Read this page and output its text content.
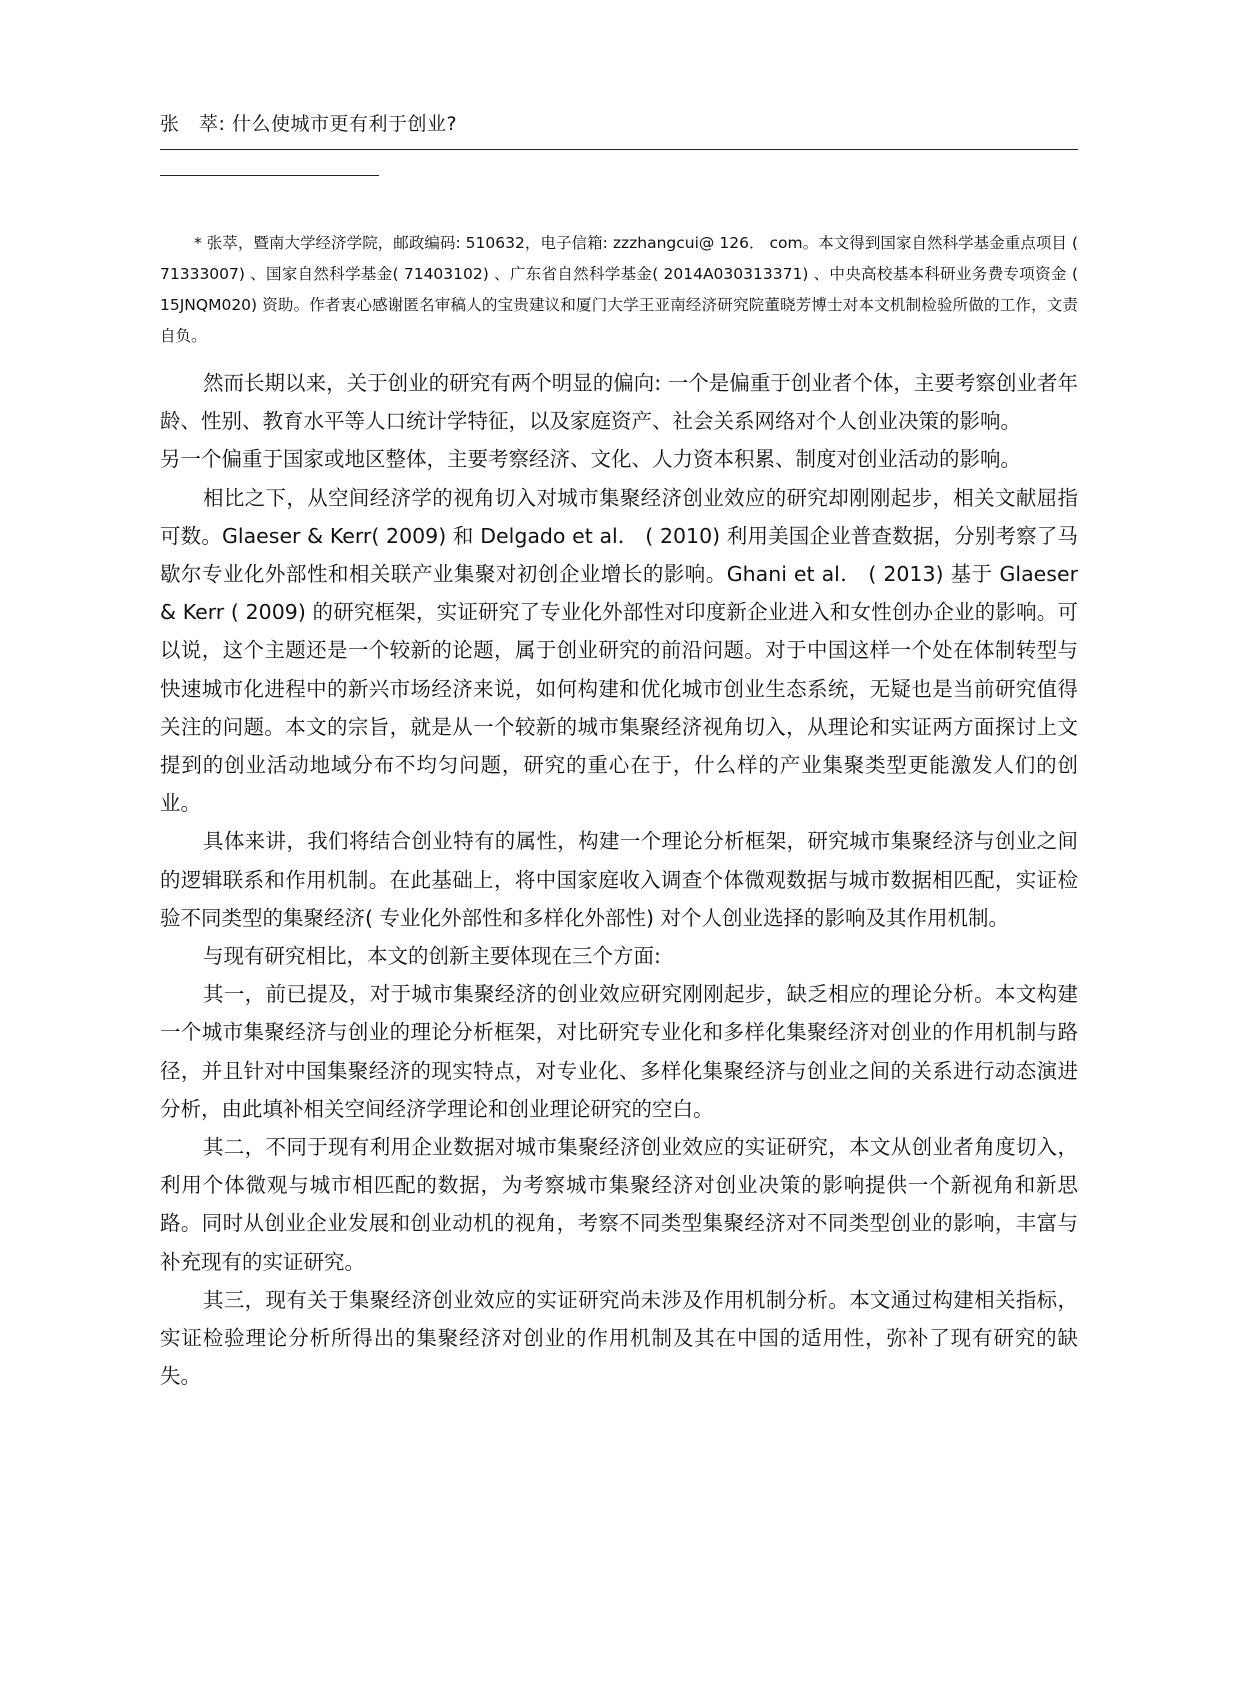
张　萃: 什么使城市更有利于创业?
* 张萃，暨南大学经济学院，邮政编码: 510632，电子信箱: zzzhangcui@ 126． com。本文得到国家自然科学基金重点项目 ( 71333007) 、国家自然科学基金( 71403102) 、广东省自然科学基金( 2014A030313371) 、中央高校基本科研业务费专项资金 ( 15JNQM020) 资助。作者衷心感谢匿名审稿人的宝贵建议和厦门大学王亚南经济研究院董晓芳博士对本文机制检验所做的工作，文责自负。

然而长期以来，关于创业的研究有两个明显的偏向: 一个是偏重于创业者个体，主要考察创业者年龄、性别、教育水平等人口统计学特征，以及家庭资产、社会关系网络对个人创业决策的影响。

另一个偏重于国家或地区整体，主要考察经济、文化、人力资本积累、制度对创业活动的影响。

相比之下，从空间经济学的视角切入对城市集聚经济创业效应的研究却刚刚起步，相关文献屈指可数。Glaeser & Kerr( 2009) 和 Delgado et al． ( 2010) 利用美国企业普查数据，分别考察了马歇尔专业化外部性和相关联产业集聚对初创企业增长的影响。Ghani et al． ( 2013) 基于 Glaeser & Kerr ( 2009) 的研究框架，实证研究了专业化外部性对印度新企业进入和女性创办企业的影响。可以说，这个主题还是一个较新的论题，属于创业研究的前沿问题。对于中国这样一个处在体制转型与快速城市化进程中的新兴市场经济来说，如何构建和优化城市创业生态系统，无疑也是当前研究值得关注的问题。本文的宗旨，就是从一个较新的城市集聚经济视角切入，从理论和实证两方面探讨上文提到的创业活动地域分布不均匀问题，研究的重心在于，什么样的产业集聚类型更能激发人们的创业。

具体来讲，我们将结合创业特有的属性，构建一个理论分析框架，研究城市集聚经济与创业之间的逻辑联系和作用机制。在此基础上，将中国家庭收入调查个体微观数据与城市数据相匹配，实证检验不同类型的集聚经济( 专业化外部性和多样化外部性) 对个人创业选择的影响及其作用机制。

与现有研究相比，本文的创新主要体现在三个方面:

其一，前已提及，对于城市集聚经济的创业效应研究刚刚起步，缺乏相应的理论分析。本文构建一个城市集聚经济与创业的理论分析框架，对比研究专业化和多样化集聚经济对创业的作用机制与路径，并且针对中国集聚经济的现实特点，对专业化、多样化集聚经济与创业之间的关系进行动态演进分析，由此填补相关空间经济学理论和创业理论研究的空白。

其二，不同于现有利用企业数据对城市集聚经济创业效应的实证研究，本文从创业者角度切入，利用个体微观与城市相匹配的数据，为考察城市集聚经济对创业决策的影响提供一个新视角和新思路。同时从创业企业发展和创业动机的视角，考察不同类型集聚经济对不同类型创业的影响，丰富与补充现有的实证研究。

其三，现有关于集聚经济创业效应的实证研究尚未涉及作用机制分析。本文通过构建相关指标，实证检验理论分析所得出的集聚经济对创业的作用机制及其在中国的适用性，弥补了现有研究的缺失。
